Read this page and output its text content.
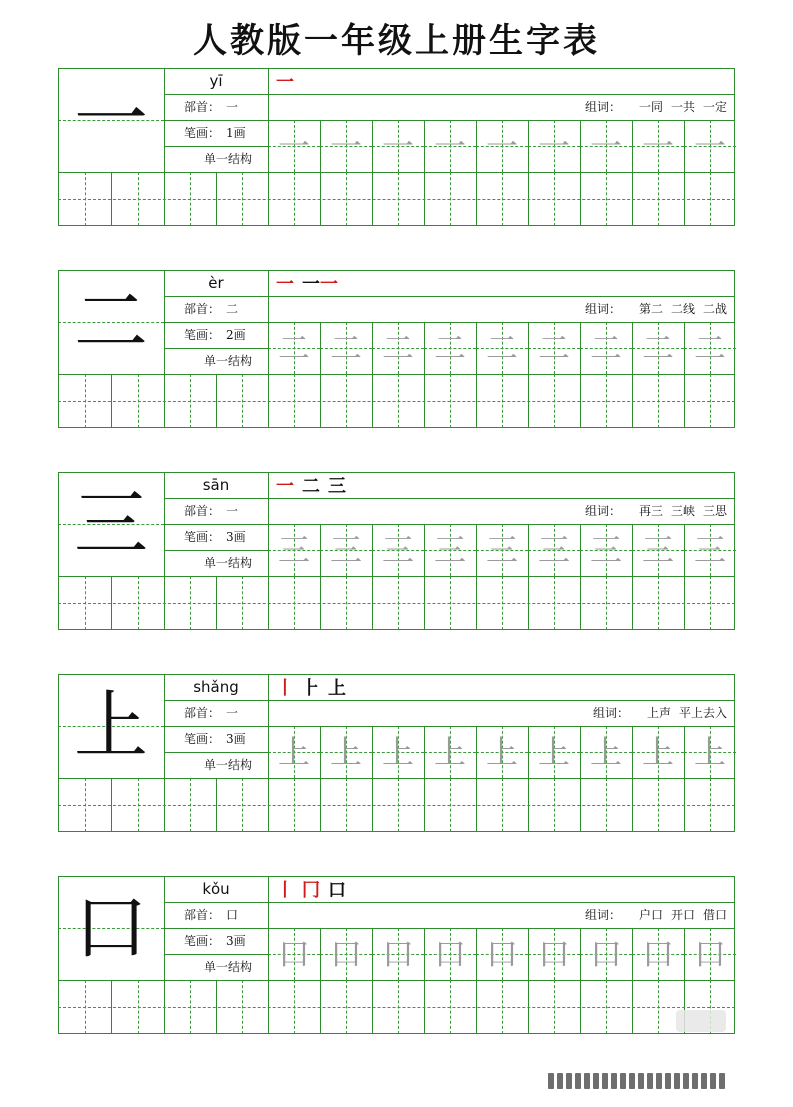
人教版一年级上册生字表
一	yī
部首： 一
笔画： 1画
单一结构
一
组词： 一同 一共 一定
一 一 一 一 一 一 一 一 一
二	èr
部首： 二
笔画： 2画
单一结构
一 一一
组词： 第二 二线 二战
二 二 二 二 二 二 二 二 二
三	sān
部首： 一
笔画： 3画
单一结构
一 二 三
组词： 再三 三峡 三思
三 三 三 三 三 三 三 三 三
上	shǎng
部首： 一
笔画： 3画
单一结构
丨 ⺊ 上
组词： 上声 平上去入
上 上 上 上 上 上 上 上 上
口	kǒu
部首： 口
笔画： 3画
单一结构
丨 冂 口
组词： 户口 开口 借口
口 口 口 口 口 口 口 口 口
